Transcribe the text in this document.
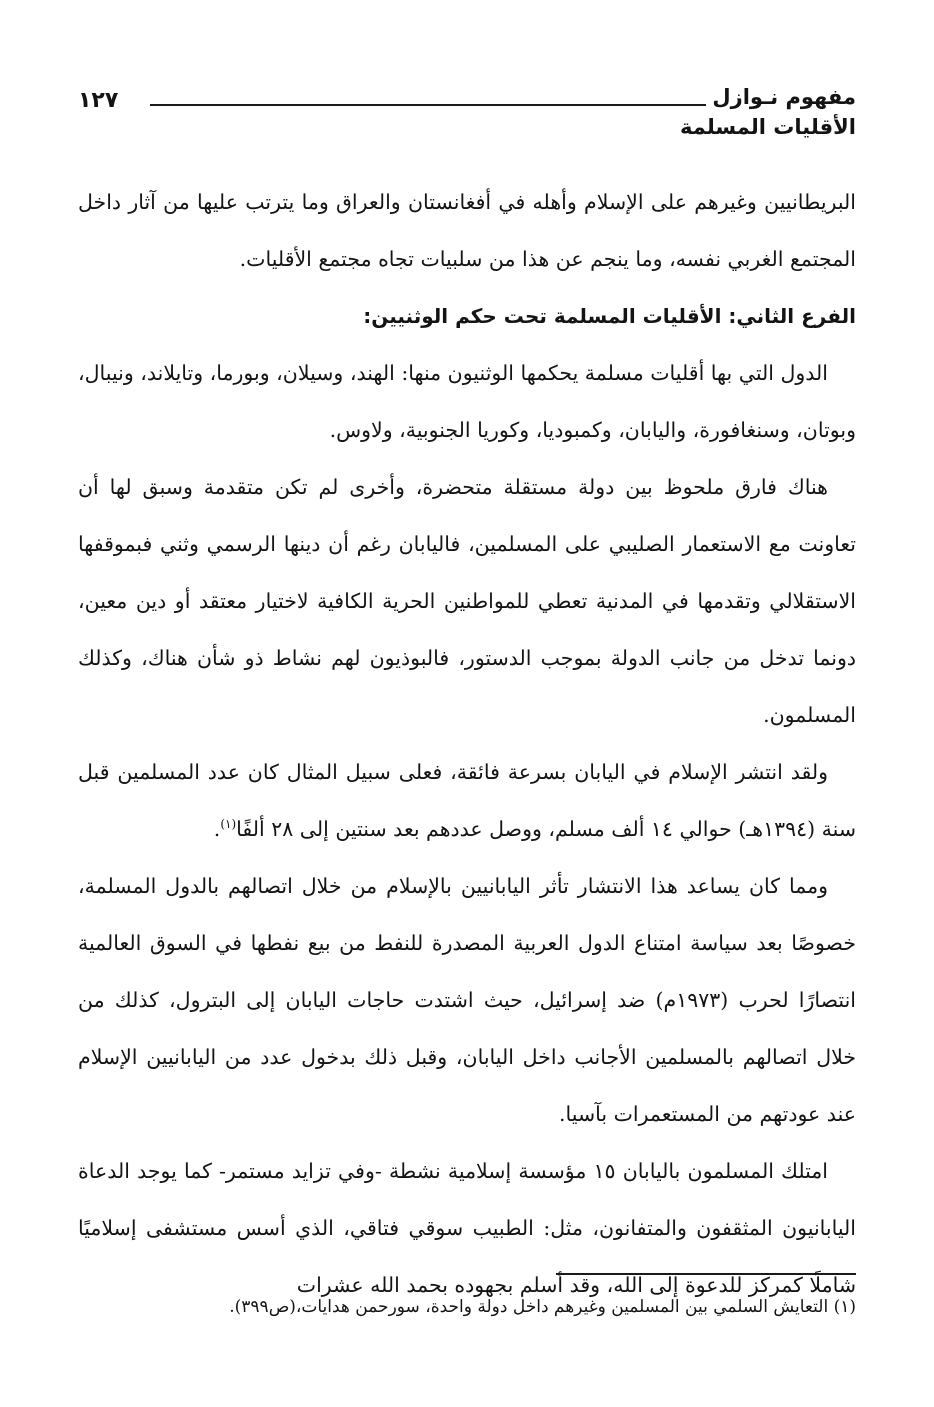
مفهوم نـوازل
الأقليات المسلمة
١٢٧

البريطانيين وغيرهم على الإسلام وأهله في أفغانستان والعراق وما يترتب عليها من آثار داخل المجتمع الغربي نفسه، وما ينجم عن هذا من سلبيات تجاه مجتمع الأقليات.

الفرع الثاني: الأقليات المسلمة تحت حكم الوثنيين:

الدول التي بها أقليات مسلمة يحكمها الوثنيون منها: الهند، وسيلان، وبورما، وتايلاند، ونيبال، وبوتان، وسنغافورة، واليابان، وكمبوديا، وكوريا الجنوبية، ولاوس.

هناك فارق ملحوظ بين دولة مستقلة متحضرة، وأخرى لم تكن متقدمة وسبق لها أن تعاونت مع الاستعمار الصليبي على المسلمين، فاليابان رغم أن دينها الرسمي وثني فبموقفها الاستقلالي وتقدمها في المدنية تعطي للمواطنين الحرية الكافية لاختيار معتقد أو دين معين، دونما تدخل من جانب الدولة بموجب الدستور، فالبوذيون لهم نشاط ذو شأن هناك، وكذلك المسلمون.

ولقد انتشر الإسلام في اليابان بسرعة فائقة، فعلى سبيل المثال كان عدد المسلمين قبل سنة (١٣٩٤هـ) حوالي ١٤ ألف مسلم، ووصل عددهم بعد سنتين إلى ٢٨ ألفًا$^{(١)}$.

ومما كان يساعد هذا الانتشار تأثر اليابانيين بالإسلام من خلال اتصالهم بالدول المسلمة، خصوصًا بعد سياسة امتناع الدول العربية المصدرة للنفط من بيع نفطها في السوق العالمية انتصارًا لحرب (١٩٧٣م) ضد إسرائيل، حيث اشتدت حاجات اليابان إلى البترول، كذلك من خلال اتصالهم بالمسلمين الأجانب داخل اليابان، وقبل ذلك بدخول عدد من اليابانيين الإسلام عند عودتهم من المستعمرات بآسيا.

امتلك المسلمون باليابان ١٥ مؤسسة إسلامية نشطة -وفي تزايد مستمر- كما يوجد الدعاة اليابانيون المثقفون والمتفانون، مثل: الطبيب سوقي فتاقي، الذي أسس مستشفى إسلاميًا شاملًا كمركز للدعوة إلى الله، وقد أسلم بجهوده بحمد الله عشرات

(١) التعايش السلمي بين المسلمين وغيرهم داخل دولة واحدة، سورحمن هدايات،(ص٣٩٩).
